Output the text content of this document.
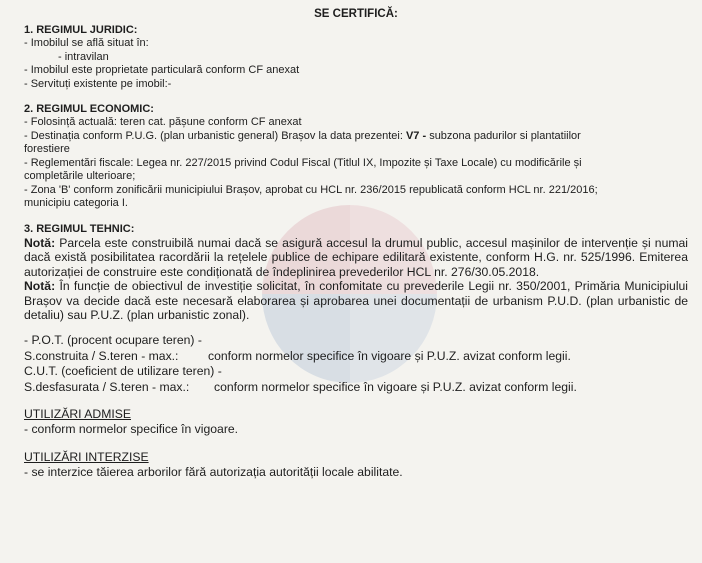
SE CERTIFICĂ:

1. REGIMUL JURIDIC:

- Imobilul se află situat în:

- intravilan

- Imobilul este proprietate particulară conform CF anexat

- Servituți existente pe imobil:-

2. REGIMUL ECONOMIC:

- Folosință actuală: teren cat. pășune conform CF anexat

- Destinația conform P.U.G. (plan urbanistic general) Brașov la data prezentei: V7 - subzona padurilor si plantatiilor

forestiere

- Reglementări fiscale: Legea nr. 227/2015 privind Codul Fiscal (Titlul IX, Impozite și Taxe Locale) cu modificările și

completările ulterioare;

- Zona 'B' conform zonificării municipiului Brașov, aprobat cu HCL nr. 236/2015 republicată conform HCL nr. 221/2016;

municipiu categoria I.

3. REGIMUL TEHNIC:

Notă: Parcela este construibilă numai dacă se asigură accesul la drumul public, accesul mașinilor de intervenție și numai dacă există posibilitatea racordării la rețelele publice de echipare edilitară existente, conform H.G. nr. 525/1996. Emiterea autorizației de construire este condiționată de îndeplinirea prevederilor HCL nr. 276/30.05.2018.

Notă: În funcție de obiectivul de investiție solicitat, în confomitate cu prevederile Legii nr. 350/2001, Primăria Municipiului Brașov va decide dacă este necesară elaborarea și aprobarea unei documentații de urbanism P.U.D. (plan urbanistic de detaliu) sau P.U.Z. (plan urbanistic zonal).

- P.O.T. (procent ocupare teren) -

S.construita / S.teren - max.: conform normelor specifice în vigoare și P.U.Z. avizat conform legii.

C.U.T. (coeficient de utilizare teren) -

S.desfasurata / S.teren - max.: conform normelor specifice în vigoare și P.U.Z. avizat conform legii.

UTILIZĂRI ADMISE

- conform normelor specifice în vigoare.

UTILIZĂRI INTERZISE

- se interzice tăierea arborilor fără autorizația autorității locale abilitate.
